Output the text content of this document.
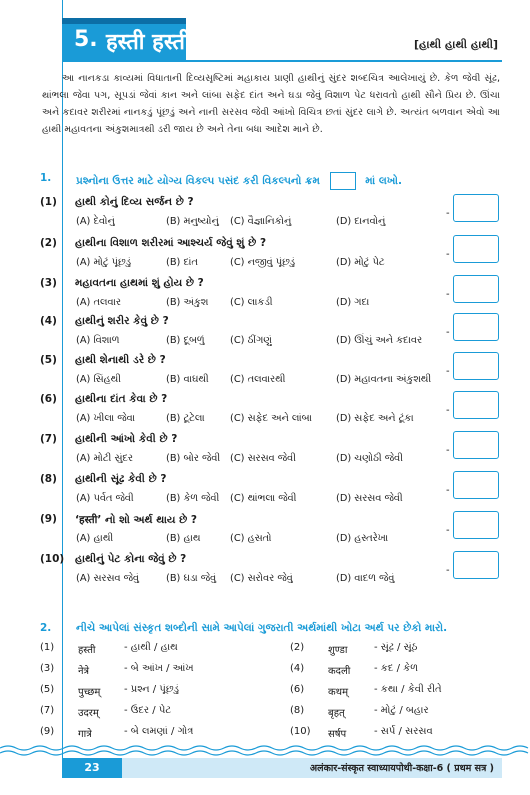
5. हस्ती हस्ती हस्ती	[હાથી હાથી હાથી]

આ નાનકડા કાવ્યમાં વિધાતાની દિવ્યસૃષ્ટિમાં મહાકાય પ્રાણી હાથીનું સુંદર શબ્દચિત્ર આલેખાયું છે. કેળ જેવી સૂંઢ, થાંભલા જેવા પગ, સૂપડાં જેવાં કાન અને લાંબા સફેદ દાંત અને ઘડા જેવું વિશાળ પેટ ધરાવતો હાથી સૌને પ્રિય છે. ઊંચા અને કદાવર શરીરમાં નાનકડું પૂંછડું અને નાની સરસવ જેવી આંખો વિચિત્ર છતાં સુંદર લાગે છે. અત્યંત બળવાન એવો આ હાથી મહાવતના અંકુશમાત્રથી ડરી જાય છે અને તેના બધા આદેશ માને છે.

1. પ્રશ્નોના ઉત્તર માટે યોગ્ય વિકલ્પ પસંદ કરી વિકલ્પનો ક્રમ	માં લખો.
(1) હાથી કોનું દિવ્ય સર્જન છે ?
(A) દેવોનું	(B) મનુષ્યોનું (C) વૈજ્ઞાનિકોનું	(D) દાનવોનું
-
(2) હાથીના વિશાળ શરીરમાં આશ્ચર્ય જેવું શું છે ?
(A) મોટું પૂંછડું	(B) દાંત	(C) નજીવું પૂંછડું	(D) મોટું પેટ
-
(3) મહાવતના હાથમાં શું હોય છે ?
(A) તલવાર	(B) અંકુશ (C) લાકડી	(D) ગદા
-
(4) હાથીનું શરીર કેવું છે ?
(A) વિશાળ	(B) દૂબળું	(C) ઠીંગણું	(D) ઊંચું અને કદાવર
-
(5) હાથી શેનાથી ડરે છે ?
(A) સિંહથી	(B) વાઘથી (C) તલવારથી	(D) મહાવતના અંકુશથી
-
(6) હાથીના દાંત કેવા છે ?
(A) ખીલા જેવા	(B) ટૂટેલા	(C) સફેદ અને લાંબા (D) સફેદ અને ટૂંકા
-
(7) હાથીની આંખો કેવી છે ?
(A) મોટી સુંદર	(B) બોર જેવી (C) સરસવ જેવી	(D) ચણોઠી જેવી
-
(8) હાથીની સૂંઢ કેવી છે ?
(A) પર્વત જેવી	(B) કેળ જેવી (C) થાંભલા જેવી	(D) સરસવ જેવી
-
(9) ‘हस्ती’ નો શો અર્થ થાય છે ?
(A) હાથી	(B) હાથ	(C) હસતો	(D) હસ્તરેખા
-
(10) હાથીનું પેટ કોના જેવું છે ?
(A) સરસવ જેવું	(B) ઘડા જેવું (C) સરોવર જેવું	(D) વાદળ જેવું
-
2. નીચે આપેલાં સંસ્કૃત શબ્દોની સામે આપેલાં ગુજરાતી અર્થમાંથી ખોટા અર્થ પર છેકો મારો.
(1) हस्ती	- હાથી / હાથ	(2) शुण्डा	- સૂંઢ / સૂંઠ
(3) नेत्रे	- બે આંખ / આંખ	(4) कदली - કદ / કેળ
(5) पुच्छम् - પ્રશ્ન / પૂંછડું	(6) कथम्	- કથા / કેવી રીતે
(7) उदरम्	- ઉદર / પેટ	(8) बृहत्	- મોટું / બહાર
(9) गात्रे	- બે લમણાં / ગોત્ર	(10) सर्षप	- સર્પ / સરસવ
23	अलंकार-संस्कृत स्वाध्यायपोथी-कक्षा-6 ( प्रथम सत्र )
